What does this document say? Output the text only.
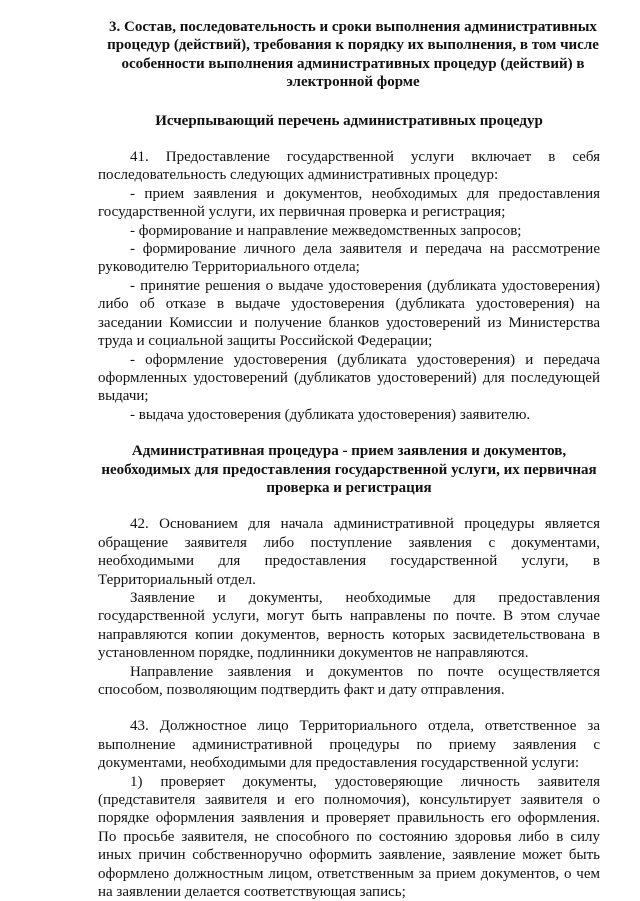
3. Состав, последовательность и сроки выполнения административных процедур (действий), требования к порядку их выполнения, в том числе особенности выполнения административных процедур (действий) в электронной форме

Исчерпывающий перечень административных процедур

41. Предоставление государственной услуги включает в себя последовательность следующих административных процедур:

- прием заявления и документов, необходимых для предоставления государственной услуги, их первичная проверка и регистрация;

- формирование и направление межведомственных запросов;

- формирование личного дела заявителя и передача на рассмотрение руководителю Территориального отдела;

- принятие решения о выдаче удостоверения (дубликата удостоверения) либо об отказе в выдаче удостоверения (дубликата удостоверения) на заседании Комиссии и получение бланков удостоверений из Министерства труда и социальной защиты Российской Федерации;

- оформление удостоверения (дубликата удостоверения) и передача оформленных удостоверений (дубликатов удостоверений) для последующей выдачи;

- выдача удостоверения (дубликата удостоверения) заявителю.

Административная процедура - прием заявления и документов, необходимых для предоставления государственной услуги, их первичная проверка и регистрация

42. Основанием для начала административной процедуры является обращение заявителя либо поступление заявления с документами, необходимыми для предоставления государственной услуги, в Территориальный отдел.

Заявление и документы, необходимые для предоставления государственной услуги, могут быть направлены по почте. В этом случае направляются копии документов, верность которых засвидетельствована в установленном порядке, подлинники документов не направляются.

Направление заявления и документов по почте осуществляется способом, позволяющим подтвердить факт и дату отправления.

43. Должностное лицо Территориального отдела, ответственное за выполнение административной процедуры по приему заявления с документами, необходимыми для предоставления государственной услуги:

1) проверяет документы, удостоверяющие личность заявителя (представителя заявителя и его полномочия), консультирует заявителя о порядке оформления заявления и проверяет правильность его оформления. По просьбе заявителя, не способного по состоянию здоровья либо в силу иных причин собственноручно оформить заявление, заявление может быть оформлено должностным лицом, ответственным за прием документов, о чем на заявлении делается соответствующая запись;
